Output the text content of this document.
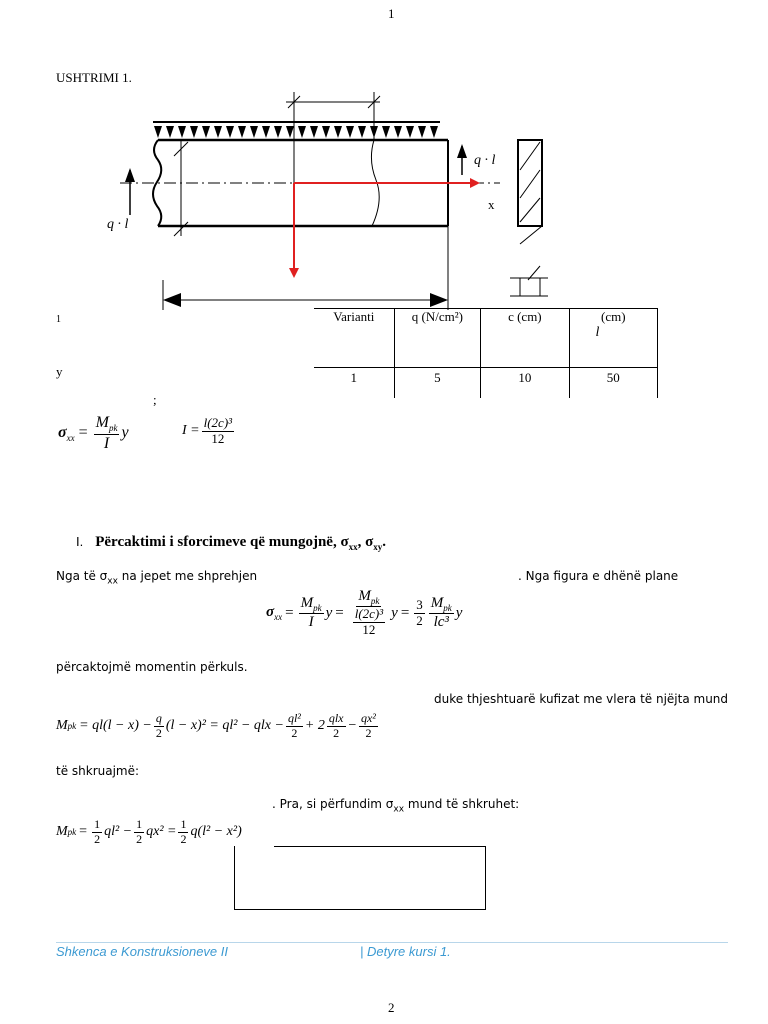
1
2
USHTRIMI 1.
q · l
q · l
x
1
y
;
Varianti	q (N/cm²)	c (cm)	(cm)
l

1	5	10	50
$\sigma_{xx} = \frac{M_{pk}}{I}$ y	$I = \frac{\text{l(2c)³}}{12}$
I. Përcaktimi i sforcimeve që mungojnë, $\sigma_{xx}$, $\sigma_{xy}$.
Nga të $\sigma_{xx}$ na jepet me shprehjen	. Nga figura e dhënë plane
$\sigma_{xx} = \frac{M_{pk}}{I}$ $y = \frac{M_{pk}}{\frac{\text{l(2c)³}}{12}}$ $y = \frac{3}{2} \frac{M_{pk}}{\text{lc³}}$ y
përcaktojmë momentin përkuls.
duke thjeshtuarë kufizat me vlera të njëjta mund
M pk = $ql(l - x) - \frac{q}{2} (l - x)^2 = ql^2$ − qlx − $\frac{\text{ql²}}{2} + 2 \frac{\text{qlx}}{2} - \frac{\text{qx²}}{2}$
të shkruajmë:
. Pra, si përfundim $\sigma_{xx}$ mund të shkruhet:
M pk = $\frac{1}{2} ql^2 - \frac{1}{2} qx^2 = \frac{1}{2} q(l^2 - x^2)$
Shkenca e Konstruksioneve II	| Detyre kursi 1.
